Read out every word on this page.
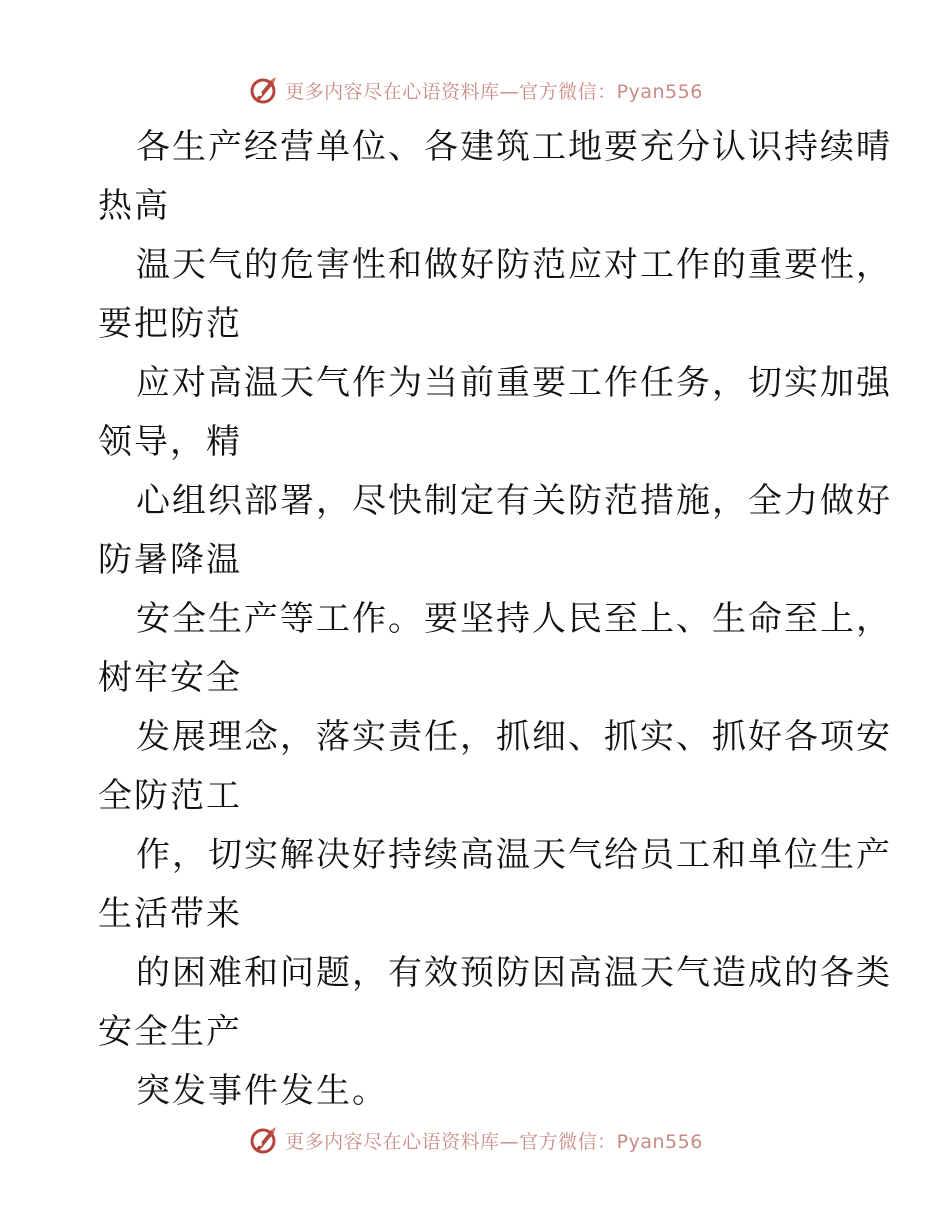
更多内容尽在心语资料库—官方微信：Pyan556
各生产经营单位、各建筑工地要充分认识持续晴
热高
温天气的危害性和做好防范应对工作的重要性，
要把防范
应对高温天气作为当前重要工作任务，切实加强
领导，精
心组织部署，尽快制定有关防范措施，全力做好
防暑降温
安全生产等工作。要坚持人民至上、生命至上，
树牢安全
发展理念，落实责任，抓细、抓实、抓好各项安
全防范工
作，切实解决好持续高温天气给员工和单位生产
生活带来
的困难和问题，有效预防因高温天气造成的各类
安全生产
突发事件发生。
更多内容尽在心语资料库—官方微信：Pyan556
